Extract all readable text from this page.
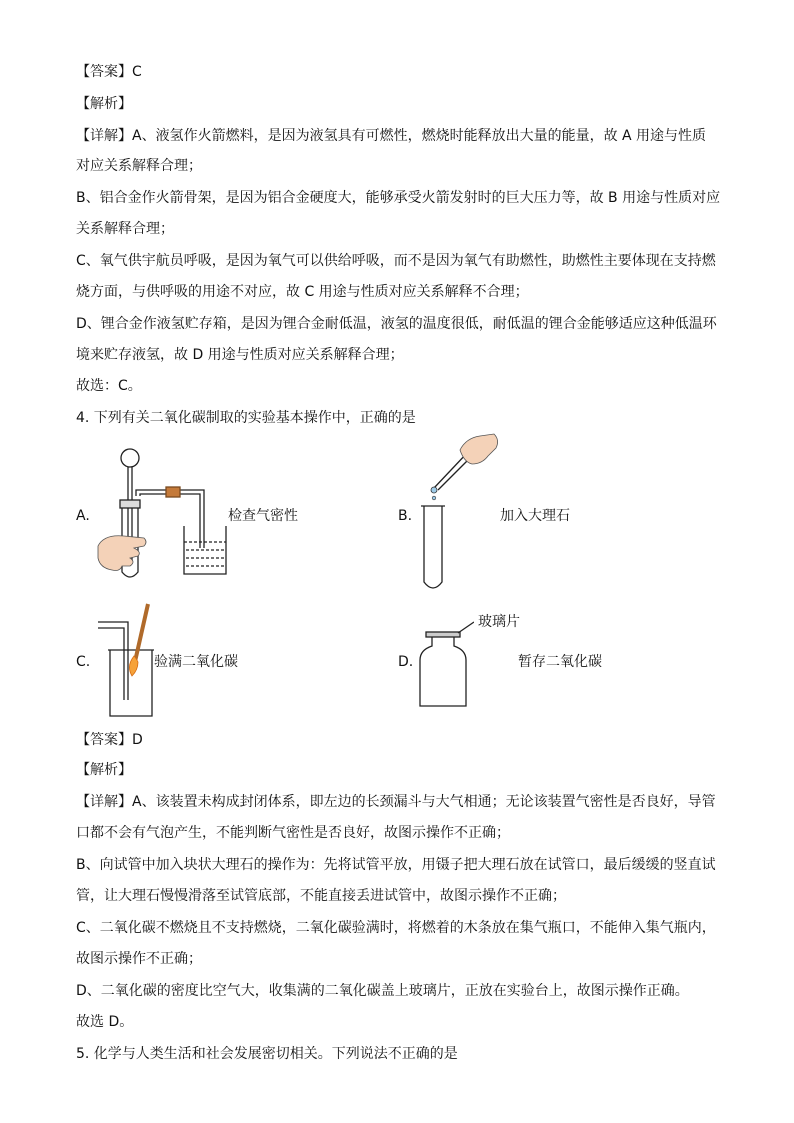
【答案】C
【解析】
【详解】A、液氢作火箭燃料，是因为液氢具有可燃性，燃烧时能释放出大量的能量，故 A 用途与性质
对应关系解释合理；
B、铝合金作火箭骨架，是因为铝合金硬度大，能够承受火箭发射时的巨大压力等，故 B 用途与性质对应
关系解释合理；
C、氧气供宇航员呼吸，是因为氧气可以供给呼吸，而不是因为氧气有助燃性，助燃性主要体现在支持燃
烧方面，与供呼吸的用途不对应，故 C 用途与性质对应关系解释不合理；
D、锂合金作液氢贮存箱，是因为锂合金耐低温，液氢的温度很低，耐低温的锂合金能够适应这种低温环
境来贮存液氢，故 D 用途与性质对应关系解释合理；
故选：C。
4. 下列有关二氧化碳制取的实验基本操作中，正确的是
A.	检查气密性	B.	加入大理石
C.	验满二氧化碳	D.
玻璃片
暂存二氧化碳
【答案】D
【解析】
【详解】A、该装置未构成封闭体系，即左边的长颈漏斗与大气相通；无论该装置气密性是否良好，导管
口都不会有气泡产生，不能判断气密性是否良好，故图示操作不正确；
B、向试管中加入块状大理石的操作为：先将试管平放，用镊子把大理石放在试管口，最后缓缓的竖直试
管，让大理石慢慢滑落至试管底部，不能直接丢进试管中，故图示操作不正确；
C、二氧化碳不燃烧且不支持燃烧，二氧化碳验满时，将燃着的木条放在集气瓶口，不能伸入集气瓶内，
故图示操作不正确；
D、二氧化碳的密度比空气大，收集满的二氧化碳盖上玻璃片，正放在实验台上，故图示操作正确。
故选 D。
5. 化学与人类生活和社会发展密切相关。下列说法不正确的是
